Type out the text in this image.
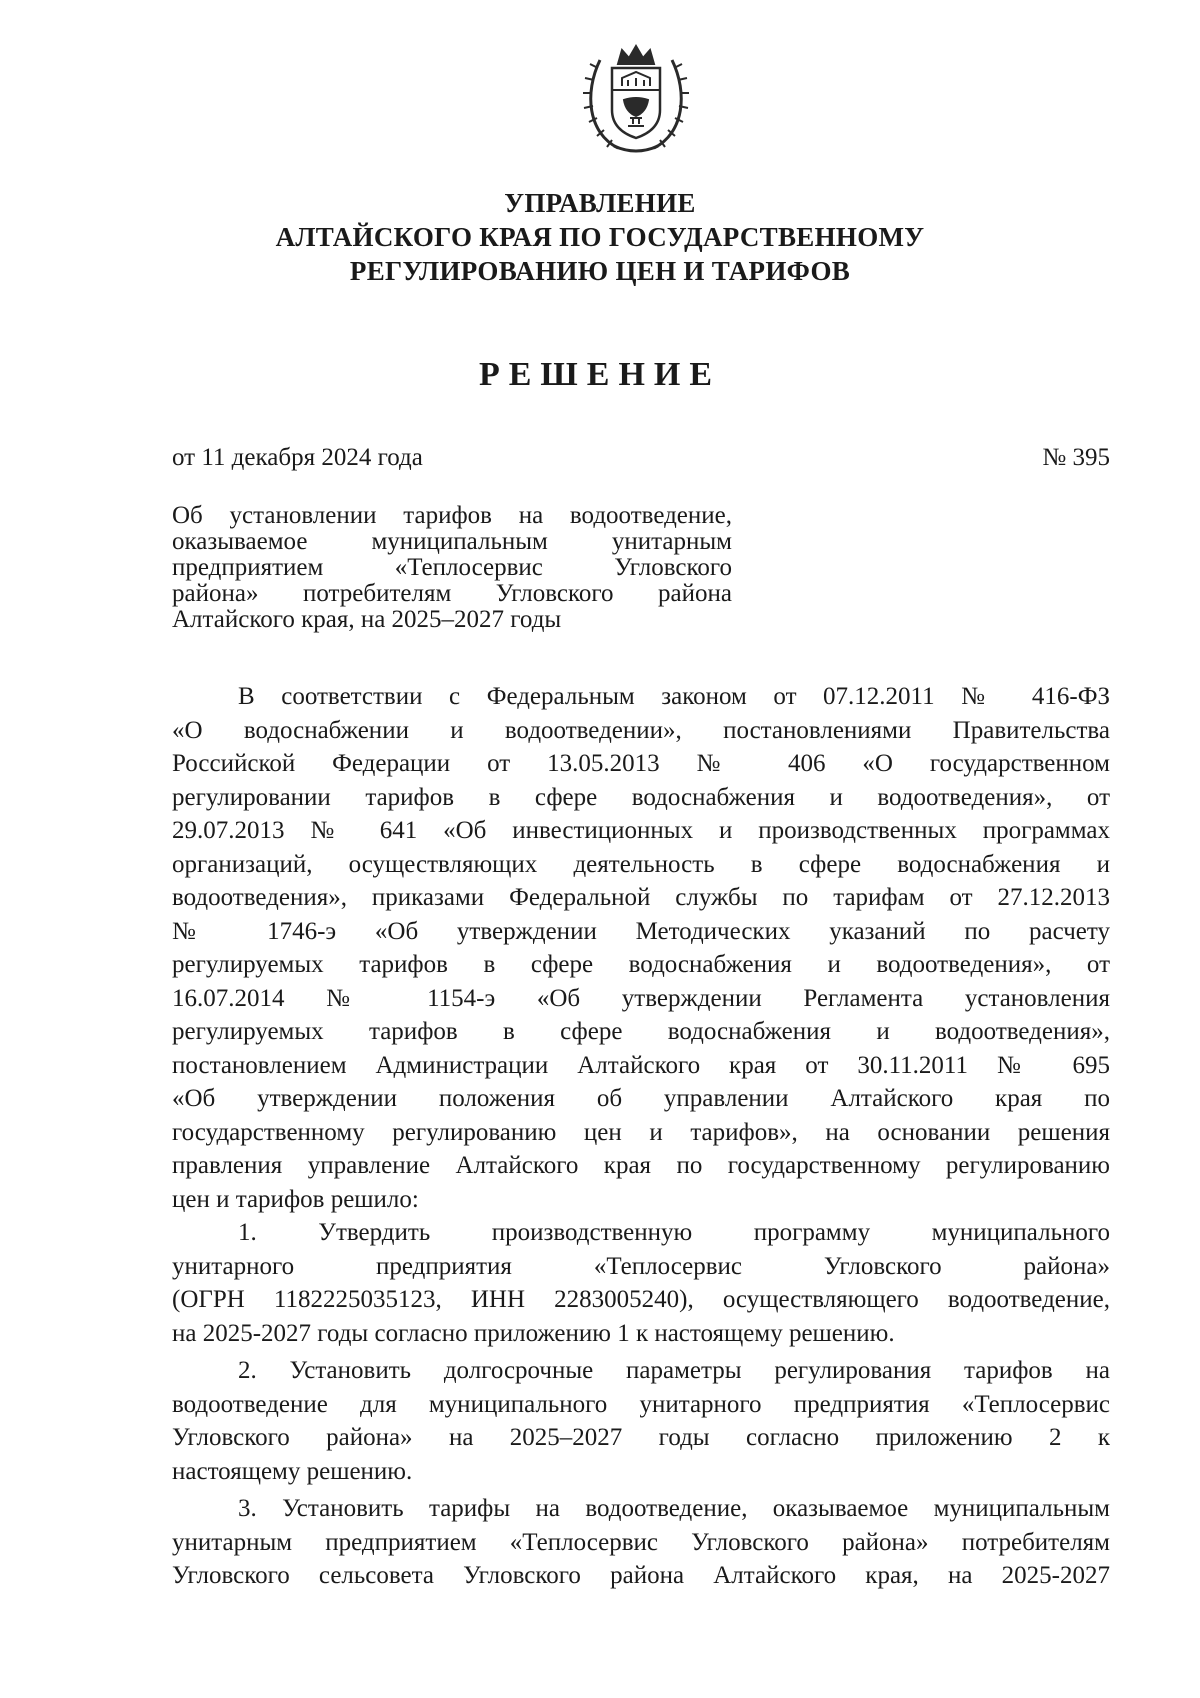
УПРАВЛЕНИЕ
АЛТАЙСКОГО КРАЯ ПО ГОСУДАРСТВЕННОМУ
РЕГУЛИРОВАНИЮ ЦЕН И ТАРИФОВ
РЕШЕНИЕ
от 11 декабря 2024 года	№ 395
Об установлении тарифов на водоотведение,
оказываемое муниципальным унитарным
предприятием «Теплосервис Угловского
района» потребителям Угловского района
Алтайского края, на 2025–2027 годы
В соответствии с Федеральным законом от 07.12.2011 № 416-ФЗ
«О водоснабжении и водоотведении», постановлениями Правительства
Российской Федерации от 13.05.2013 № 406 «О государственном
регулировании тарифов в сфере водоснабжения и водоотведения», от
29.07.2013 № 641 «Об инвестиционных и производственных программах
организаций, осуществляющих деятельность в сфере водоснабжения и
водоотведения», приказами Федеральной службы по тарифам от 27.12.2013
№ 1746-э «Об утверждении Методических указаний по расчету
регулируемых тарифов в сфере водоснабжения и водоотведения», от
16.07.2014 № 1154-э «Об утверждении Регламента установления
регулируемых тарифов в сфере водоснабжения и водоотведения»,
постановлением Администрации Алтайского края от 30.11.2011 № 695
«Об утверждении положения об управлении Алтайского края по
государственному регулированию цен и тарифов», на основании решения
правления управление Алтайского края по государственному регулированию
цен и тарифов решило:
1. Утвердить производственную программу муниципального
унитарного предприятия «Теплосервис Угловского района»
(ОГРН 1182225035123, ИНН 2283005240), осуществляющего водоотведение,
на 2025-2027 годы согласно приложению 1 к настоящему решению.
2. Установить долгосрочные параметры регулирования тарифов на
водоотведение для муниципального унитарного предприятия «Теплосервис
Угловского района» на 2025–2027 годы согласно приложению 2 к
настоящему решению.
3. Установить тарифы на водоотведение, оказываемое муниципальным
унитарным предприятием «Теплосервис Угловского района» потребителям
Угловского сельсовета Угловского района Алтайского края, на 2025-2027
